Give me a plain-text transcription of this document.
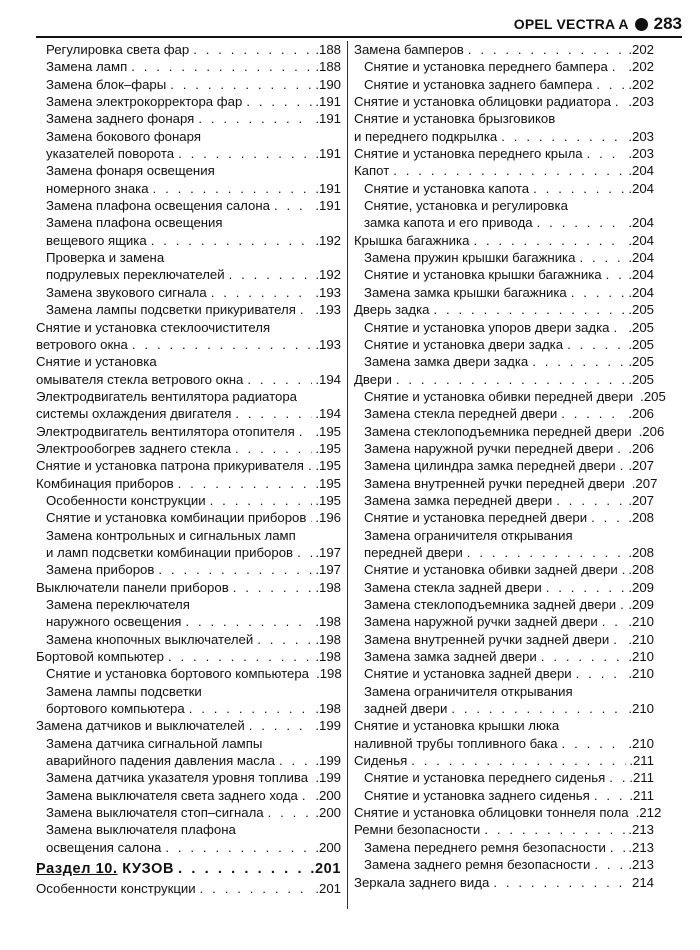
OPEL VECTRA A 283
Регулировка света фар . . .	.188
Замена ламп . . .	.188
Замена блок–фары . . .	.190
Замена электрокорректора фар . . .	.191
Замена заднего фонаря . . .	.191
Замена бокового фонаря
указателей поворота . . .	.191
Замена фонаря освещения
номерного знака . . .	.191
Замена плафона освещения салона . . .	.191
Замена плафона освещения
вещевого ящика . . .	.192
Проверка и замена
подрулевых переключателей . . .	.192
Замена звукового сигнала . . .	.193
Замена лампы подсветки прикуривателя . . . .193
Снятие и установка стеклоочистителя
ветрового окна . . .	.193
Снятие и установка
омывателя стекла ветрового окна . . .	.194
Электродвигатель вентилятора радиатора
системы охлаждения двигателя . . .	.194
Электродвигатель вентилятора отопителя . . . .195
Электрообогрев заднего стекла . . .	.195
Снятие и установка патрона прикуривателя . . . .195
Комбинация приборов . . .	.195
Особенности конструкции . . .	.195
Снятие и установка комбинации приборов . . . .196
Замена контрольных и сигнальных ламп
и ламп подсветки комбинации приборов . . . .197
Замена приборов . . .	.197
Выключатели панели приборов . . .	.198
Замена переключателя
наружного освещения . . .	.198
Замена кнопочных выключателей . . .	.198
Бортовой компьютер . . .	.198
Снятие и установка бортового компьютера .198
Замена лампы подсветки
бортового компьютера . . .	.198
Замена датчиков и выключателей . . .	.199
Замена датчика сигнальной лампы
аварийного падения давления масла . . .	.199
Замена датчика указателя уровня топлива . . . .199
Замена выключателя света заднего хода . . . .200
Замена выключателя стоп–сигнала . . .	.200
Замена выключателя плафона
освещения салона . . .	.200
Раздел 10.
КУЗОВ . . .	.201
Особенности конструкции . . .	.201
Замена бамперов . . .	.202
Снятие и установка переднего бампера . . . .202
Снятие и установка заднего бампера . . .	.202
Снятие и установка облицовки радиатора . . . .203
Снятие и установка брызговиков
и переднего подкрылка . . .	.203
Снятие и установка переднего крыла . . .	.203
Капот . . .	.204
Снятие и установка капота . . .	.204
Снятие, установка и регулировка
замка капота и его привода . . .	.204
Крышка багажника . . .	.204
Замена пружин крышки багажника . . .	.204
Снятие и установка крышки багажника . . . .204
Замена замка крышки багажника . . .	.204
Дверь задка . . .	.205
Снятие и установка упоров двери задка . . . .205
Снятие и установка двери задка . . .	.205
Замена замка двери задка . . .	.205
Двери . . .	.205
Снятие и установка обивки передней двери .205
Замена стекла передней двери . . .	.206
Замена стеклоподъемника передней двери .206
Замена наружной ручки передней двери . . . .206
Замена цилиндра замка передней двери . . . .207
Замена внутренней ручки передней двери .207
Замена замка передней двери . . .	.207
Снятие и установка передней двери . . .	.208
Замена ограничителя открывания
передней двери . . .	.208
Снятие и установка обивки задней двери . . . .208
Замена стекла задней двери . . .	.209
Замена стеклоподъемника задней двери . . . .209
Замена наружной ручки задней двери . . . .210
Замена внутренней ручки задней двери . . . .210
Замена замка задней двери . . .	.210
Снятие и установка задней двери . . .	.210
Замена ограничителя открывания
задней двери . . .	.210
Снятие и установка крышки люка
наливной трубы топливного бака . . .	.210
Сиденья . . .	.211
Снятие и установка переднего сиденья . . . .211
Снятие и установка заднего сиденья . . .	.211
Снятие и установка облицовки тоннеля пола .212
Ремни безопасности . . .	.213
Замена переднего ремня безопасности . . . .213
Замена заднего ремня безопасности . . .	.213
Зеркала заднего вида . . .	214
